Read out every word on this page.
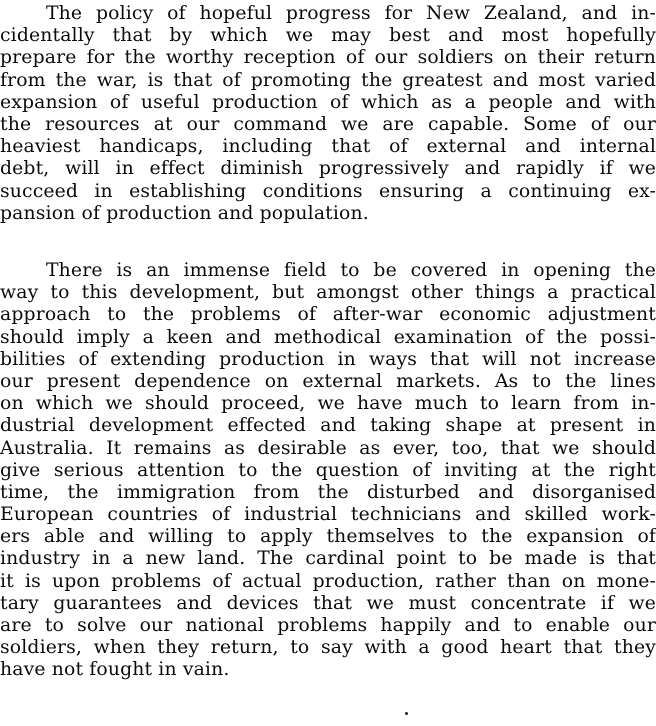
The policy of hopeful progress for New Zealand, and in-
cidentally that by which we may best and most hopefully
prepare for the worthy reception of our soldiers on their return
from the war, is that of promoting the greatest and most varied
expansion of useful production of which as a people and with
the resources at our command we are capable. Some of our
heaviest handicaps, including that of external and internal
debt, will in effect diminish progressively and rapidly if we
succeed in establishing conditions ensuring a continuing ex-
pansion of production and population.
There is an immense field to be covered in opening the
way to this development, but amongst other things a practical
approach to the problems of after-war economic adjustment
should imply a keen and methodical examination of the possi-
bilities of extending production in ways that will not increase
our present dependence on external markets. As to the lines
on which we should proceed, we have much to learn from in-
dustrial development effected and taking shape at present in
Australia. It remains as desirable as ever, too, that we should
give serious attention to the question of inviting at the right
time, the immigration from the disturbed and disorganised
European countries of industrial technicians and skilled work-
ers able and willing to apply themselves to the expansion of
industry in a new land. The cardinal point to be made is that
it is upon problems of actual production, rather than on mone-
tary guarantees and devices that we must concentrate if we
are to solve our national problems happily and to enable our
soldiers, when they return, to say with a good heart that they
have not fought in vain.
